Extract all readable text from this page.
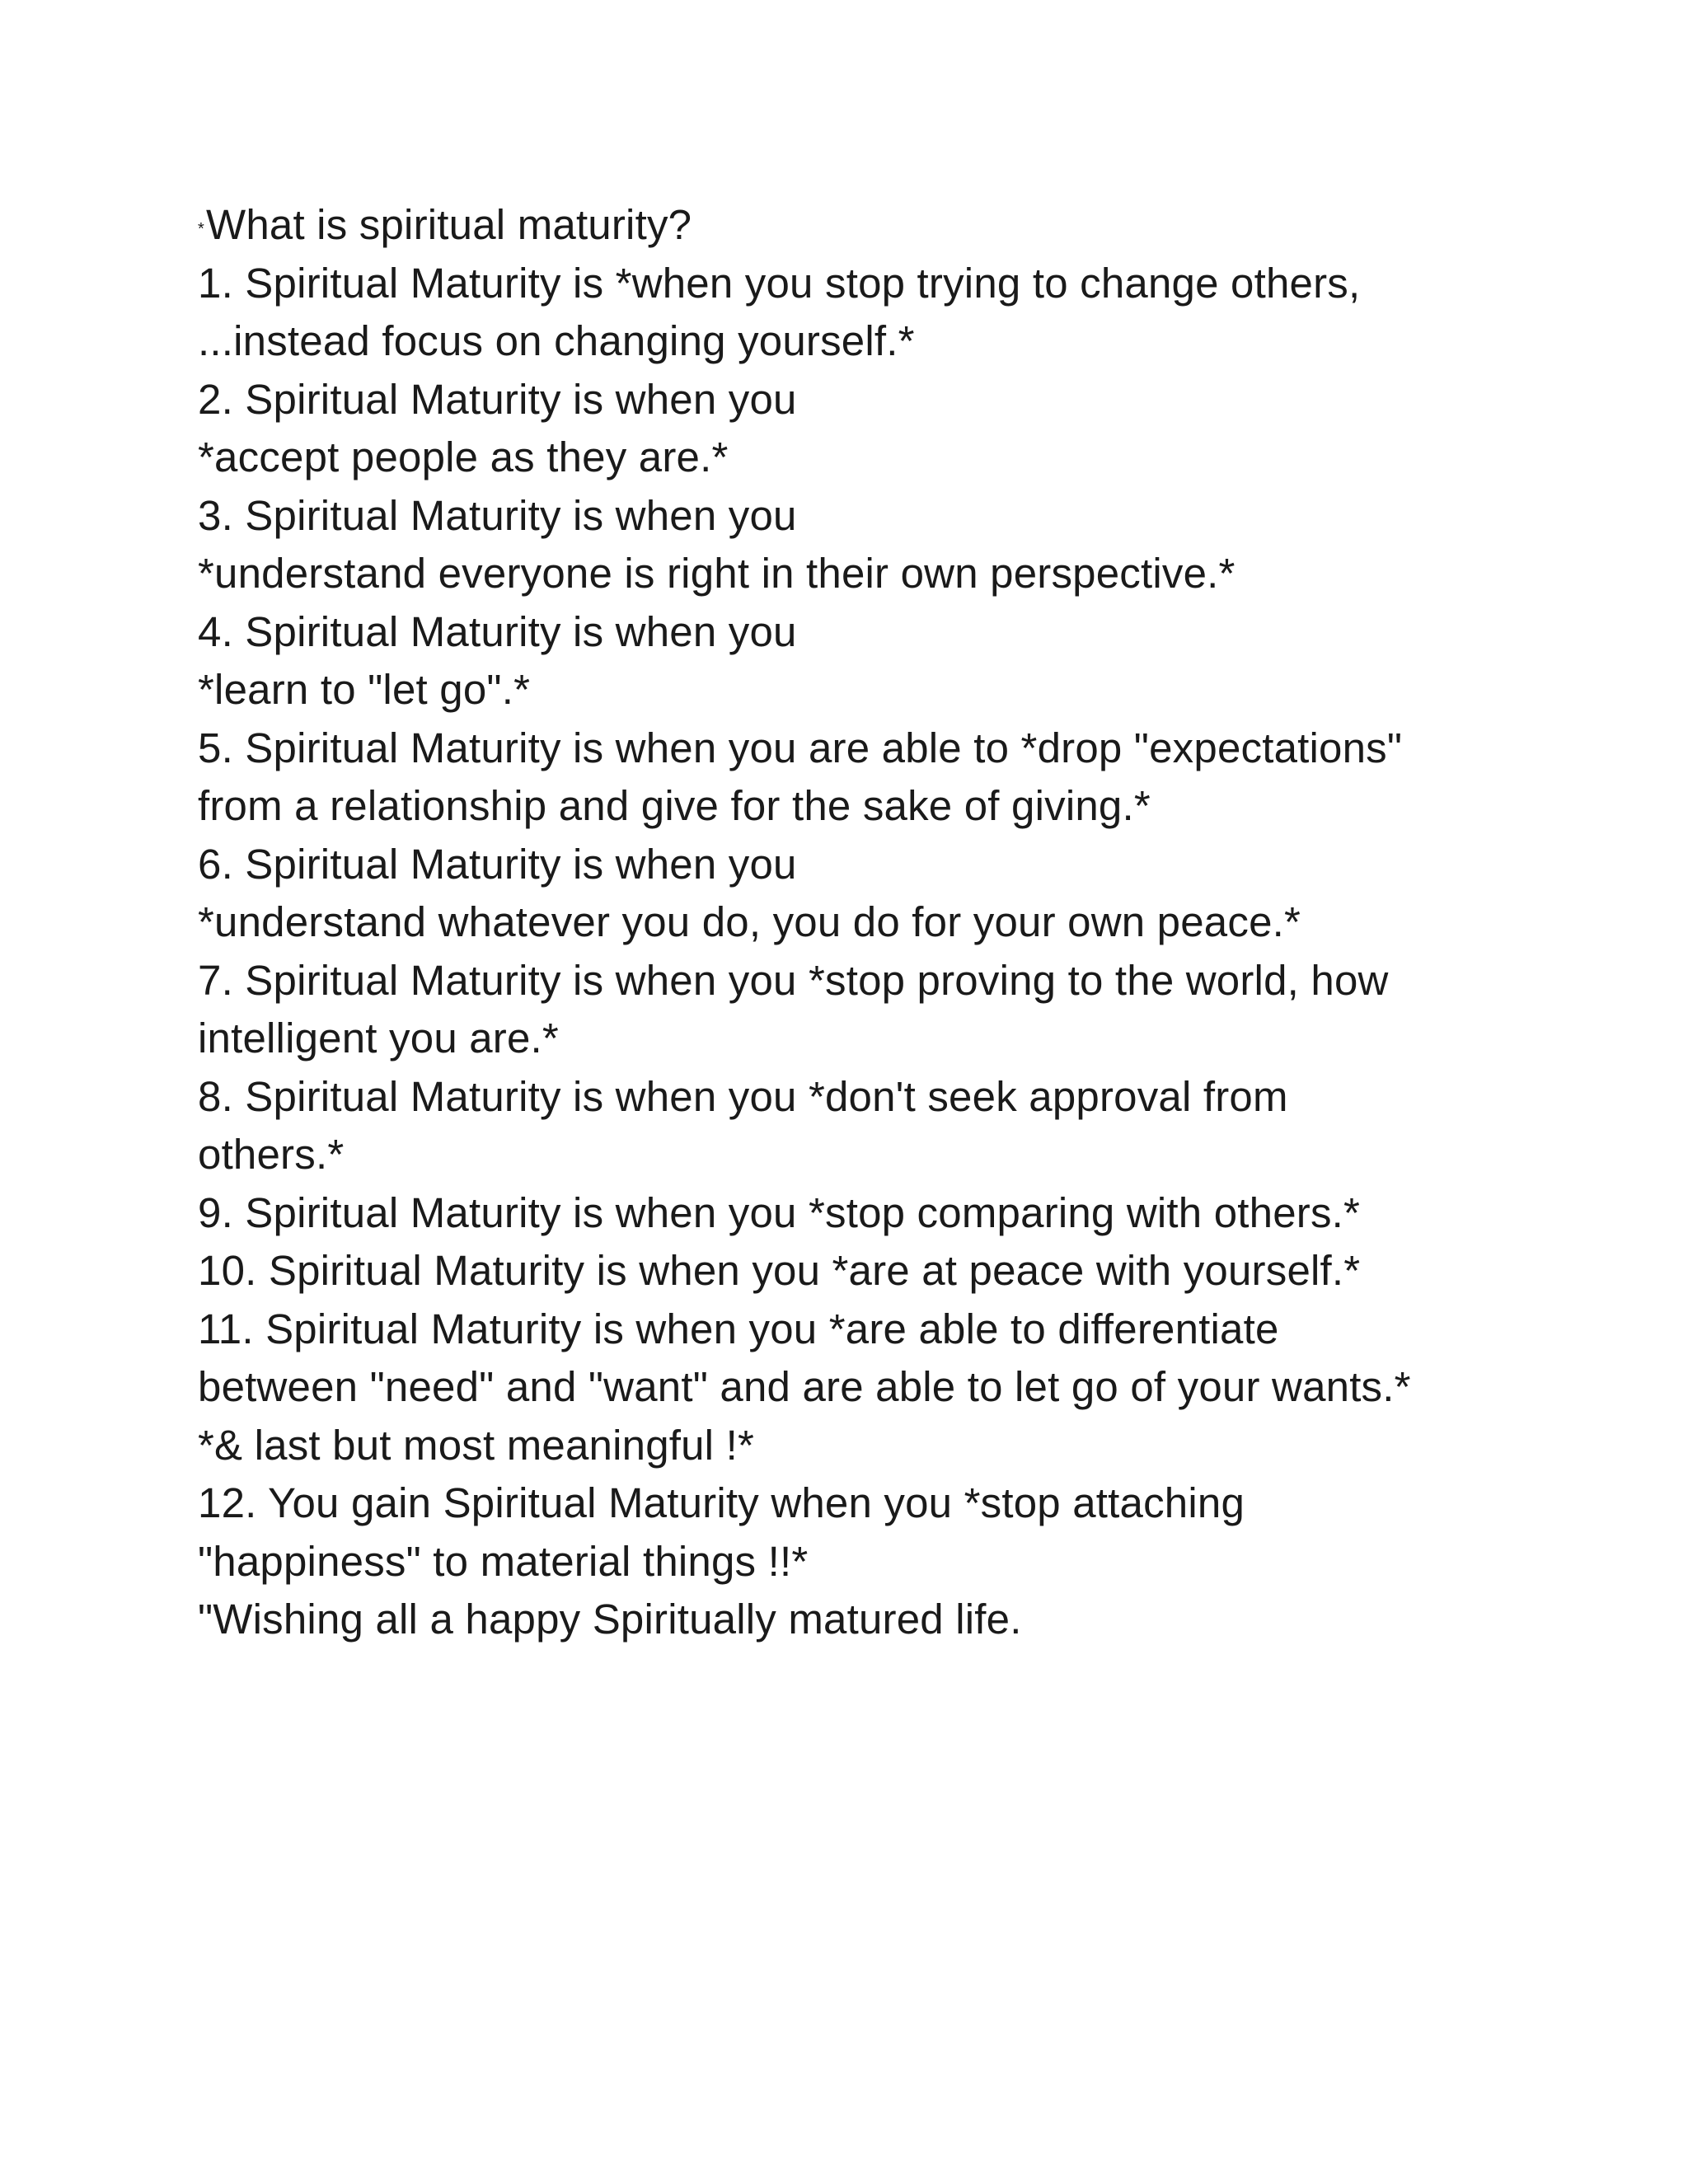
*What is spiritual maturity?
1. Spiritual Maturity is *when you stop trying to change others,
...instead focus on changing yourself.*
2. Spiritual Maturity is when you
*accept people as they are.*
3. Spiritual Maturity is when you
*understand everyone is right in their own perspective.*
4. Spiritual Maturity is when you
*learn to "let go".*
5. Spiritual Maturity is when you are able to *drop "expectations"
from a relationship and give for the sake of giving.*
6. Spiritual Maturity is when you
*understand whatever you do, you do for your own peace.*
7. Spiritual Maturity is when you *stop proving to the world, how
intelligent you are.*
8. Spiritual Maturity is when you *don't seek approval from
others.*
9. Spiritual Maturity is when you *stop comparing with others.*
10. Spiritual Maturity is when you *are at peace with yourself.*
11. Spiritual Maturity is when you *are able to differentiate
between "need" and "want" and are able to let go of your wants.*
*& last but most meaningful !*
12. You gain Spiritual Maturity when you *stop attaching
"happiness" to material things !!*
"Wishing all a happy Spiritually matured life.
